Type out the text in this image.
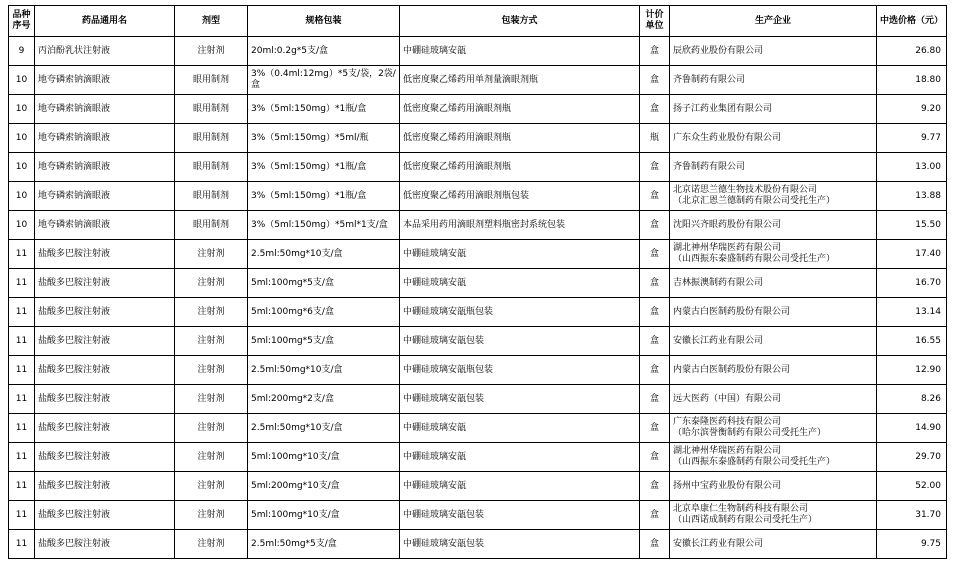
品种序号	药品通用名	剂型	规格包装	包装方式	计价单位	生产企业	中选价格（元）
9	丙泊酚乳状注射液	注射剂	20ml:0.2g*5支/盒	中硼硅玻璃安瓿	盒	辰欣药业股份有限公司	26.80
10	地夸磷索钠滴眼液	眼用制剂	3%（0.4ml:12mg）*5支/袋，2袋/盒	低密度聚乙烯药用单剂量滴眼剂瓶	盒	齐鲁制药有限公司	18.80
10	地夸磷索钠滴眼液	眼用制剂	3%（5ml:150mg）*1瓶/盒	低密度聚乙烯药用滴眼剂瓶	盒	扬子江药业集团有限公司	9.20
10	地夸磷索钠滴眼液	眼用制剂	3%（5ml:150mg）*5ml/瓶	低密度聚乙烯药用滴眼剂瓶	瓶	广东众生药业股份有限公司	9.77
10	地夸磷索钠滴眼液	眼用制剂	3%（5ml:150mg）*1瓶/盒	低密度聚乙烯药用滴眼剂瓶	盒	齐鲁制药有限公司	13.00
10	地夸磷索钠滴眼液	眼用制剂	3%（5ml:150mg）*1瓶/盒	低密度聚乙烯药用滴眼剂瓶包装	盒	北京诺思兰德生物技术股份有限公司
（北京汇恩兰德制药有限公司受托生产）	13.88
10	地夸磷索钠滴眼液	眼用制剂	3%（5ml:150mg）*5ml*1支/盒	本品采用药用滴眼剂塑料瓶密封系统包装	盒	沈阳兴齐眼药股份有限公司	15.50
11	盐酸多巴胺注射液	注射剂	2.5ml:50mg*10支/盒	中硼硅玻璃安瓿	盒	湖北神州华瑞医药有限公司
（山西振东泰盛制药有限公司受托生产）	17.40
11	盐酸多巴胺注射液	注射剂	5ml:100mg*5支/盒	中硼硅玻璃安瓿	盒	吉林振澳制药有限公司	16.70
11	盐酸多巴胺注射液	注射剂	5ml:100mg*6支/盒	中硼硅玻璃安瓿瓶包装	盒	内蒙古白医制药股份有限公司	13.14
11	盐酸多巴胺注射液	注射剂	5ml:100mg*5支/盒	中硼硅玻璃安瓿包装	盒	安徽长江药业有限公司	16.55
11	盐酸多巴胺注射液	注射剂	2.5ml:50mg*10支/盒	中硼硅玻璃安瓿瓶包装	盒	内蒙古白医制药股份有限公司	12.90
11	盐酸多巴胺注射液	注射剂	5ml:200mg*2支/盒	中硼硅玻璃安瓿包装	盒	远大医药（中国）有限公司	8.26
11	盐酸多巴胺注射液	注射剂	2.5ml:50mg*10支/盒	中硼硅玻璃安瓿	盒	广东泰隆医药科技有限公司
（哈尔滨誉衡制药有限公司受托生产）	14.90
11	盐酸多巴胺注射液	注射剂	5ml:100mg*10支/盒	中硼硅玻璃安瓿	盒	湖北神州华瑞医药有限公司
（山西振东泰盛制药有限公司受托生产）	29.70
11	盐酸多巴胺注射液	注射剂	5ml:200mg*10支/盒	中硼硅玻璃安瓿	盒	扬州中宝药业股份有限公司	52.00
11	盐酸多巴胺注射液	注射剂	5ml:100mg*10支/盒	中硼硅玻璃安瓿包装	盒	北京阜康仁生物制药科技有限公司
（山西诺成制药有限公司受托生产）	31.70
11	盐酸多巴胺注射液	注射剂	2.5ml:50mg*5支/盒	中硼硅玻璃安瓿包装	盒	安徽长江药业有限公司	9.75
